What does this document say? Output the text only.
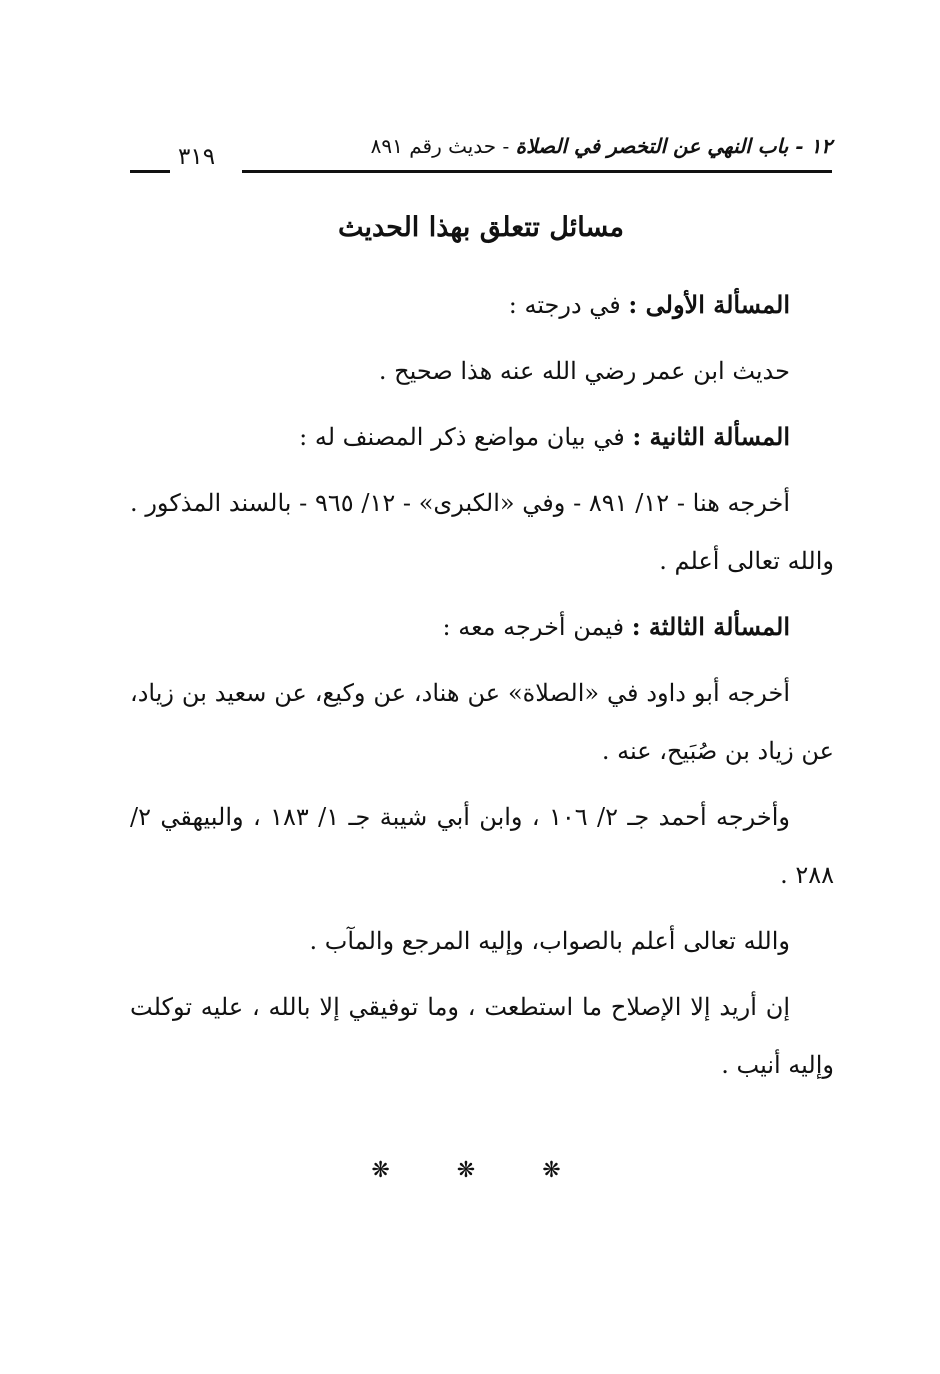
١٢ - باب النهي عن التخصر في الصلاة - حديث رقم ٨٩١
٣١٩
مسائل تتعلق بهذا الحديث

المسألة الأولى : في درجته :

حديث ابن عمر رضي الله عنه هذا صحيح .

المسألة الثانية : في بيان مواضع ذكر المصنف له :

أخرجه هنا - ١٢/ ٨٩١ - وفي «الكبرى» - ١٢/ ٩٦٥ - بالسند المذكور . والله تعالى أعلم .

المسألة الثالثة : فيمن أخرجه معه :

أخرجه أبو داود في «الصلاة» عن هناد، عن وكيع، عن سعيد بن زياد، عن زياد بن صُبَيح، عنه .

وأخرجه أحمد جـ ٢/ ١٠٦ ، وابن أبي شيبة جـ ١/ ١٨٣ ، والبيهقي ٢/ ٢٨٨ .

والله تعالى أعلم بالصواب، وإليه المرجع والمآب .

إن أريد إلا الإصلاح ما استطعت ، وما توفيقي إلا بالله ، عليه توكلت وإليه أنيب .

❋ ❋ ❋
